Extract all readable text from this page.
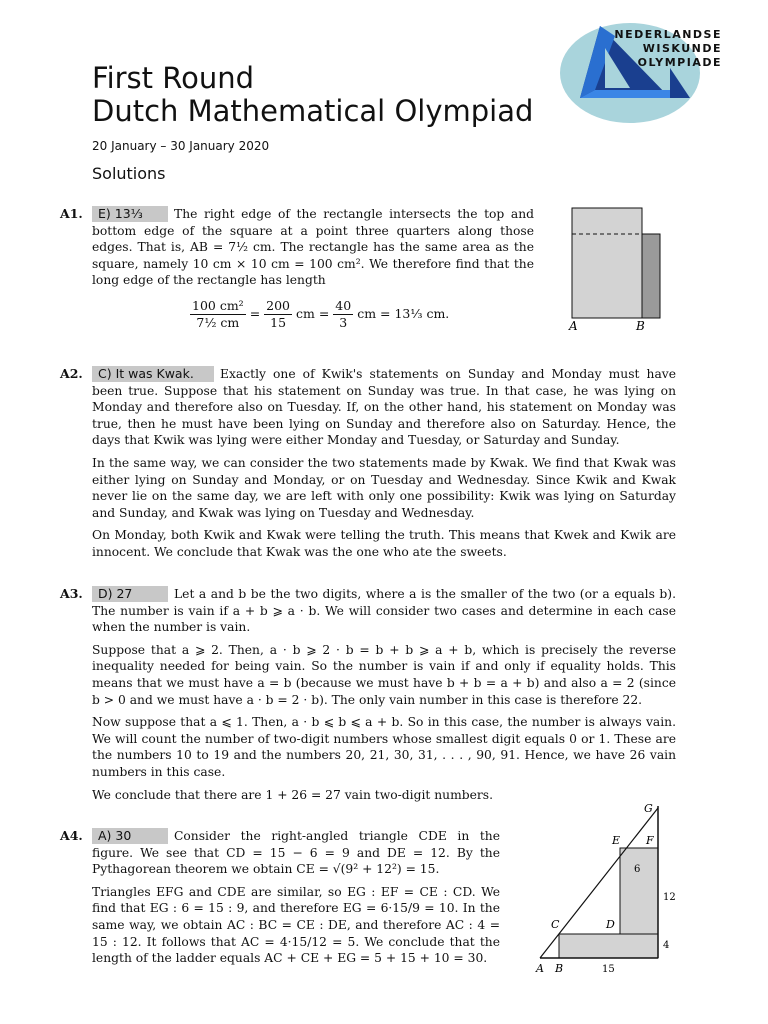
First Round
Dutch Mathematical Olympiad
20 January – 30 January 2020
Solutions
NEDERLANDSE
WISKUNDE
OLYMPIADE
A1.	E) 13⅓	The right edge of the rectangle intersects the top and bottom edge of the square at a point three quarters along those edges. That is, AB = 7½ cm. The rectangle has the same area as the square, namely 10 cm × 10 cm = 100 cm². We therefore find that the long edge of the rectangle has length

$\frac{\text{100 cm²}}{\text{7½ cm}} = \frac{200}{15}$ cm = $\frac{40}{3}$ cm = 13⅓ cm.
A	B
A2.	C) It was Kwak. Exactly one of Kwik's statements on Sunday and Monday must have been true. Suppose that his statement on Sunday was true. In that case, he was lying on Monday and therefore also on Tuesday. If, on the other hand, his statement on Monday was true, then he must have been lying on Sunday and therefore also on Saturday. Hence, the days that Kwik was lying were either Monday and Tuesday, or Saturday and Sunday.

In the same way, we can consider the two statements made by Kwak. We find that Kwak was either lying on Sunday and Monday, or on Tuesday and Wednesday. Since Kwik and Kwak never lie on the same day, we are left with only one possibility: Kwik was lying on Saturday and Sunday, and Kwak was lying on Tuesday and Wednesday.

On Monday, both Kwik and Kwak were telling the truth. This means that Kwek and Kwik are innocent. We conclude that Kwak was the one who ate the sweets.

A3.	D) 27	Let a and b be the two digits, where a is the smaller of the two (or a equals b). The number is vain if a + b ⩾ a · b. We will consider two cases and determine in each case when the number is vain.

Suppose that a ⩾ 2. Then, a · b ⩾ 2 · b = b + b ⩾ a + b, which is precisely the reverse inequality needed for being vain. So the number is vain if and only if equality holds. This means that we must have a = b (because we must have b + b = a + b) and also a = 2 (since b > 0 and we must have a · b = 2 · b). The only vain number in this case is therefore 22.

Now suppose that a ⩽ 1. Then, a · b ⩽ b ⩽ a + b. So in this case, the number is always vain. We will count the number of two-digit numbers whose smallest digit equals 0 or 1. These are the numbers 10 to 19 and the numbers 20, 21, 30, 31, . . . , 90, 91. Hence, we have 26 vain numbers in this case.

We conclude that there are 1 + 26 = 27 vain two-digit numbers.

A4.	A) 30	Consider the right-angled triangle CDE in the figure. We see that CD = 15 − 6 = 9 and DE = 12. By the Pythagorean theorem we obtain CE = √(9² + 12²) = 15.

Triangles EFG and CDE are similar, so EG : EF = CE : CD. We find that EG : 6 = 15 : 9, and therefore EG = 6·15/9 = 10. In the same way, we obtain AC : BC = CE : DE, and therefore AC : 4 = 15 : 12. It follows that AC = 4·15/12 = 5. We conclude that the length of the ladder equals AC + CE + EG = 5 + 15 + 10 = 30.

G
E F
C	D
A B
6
12
4
15
